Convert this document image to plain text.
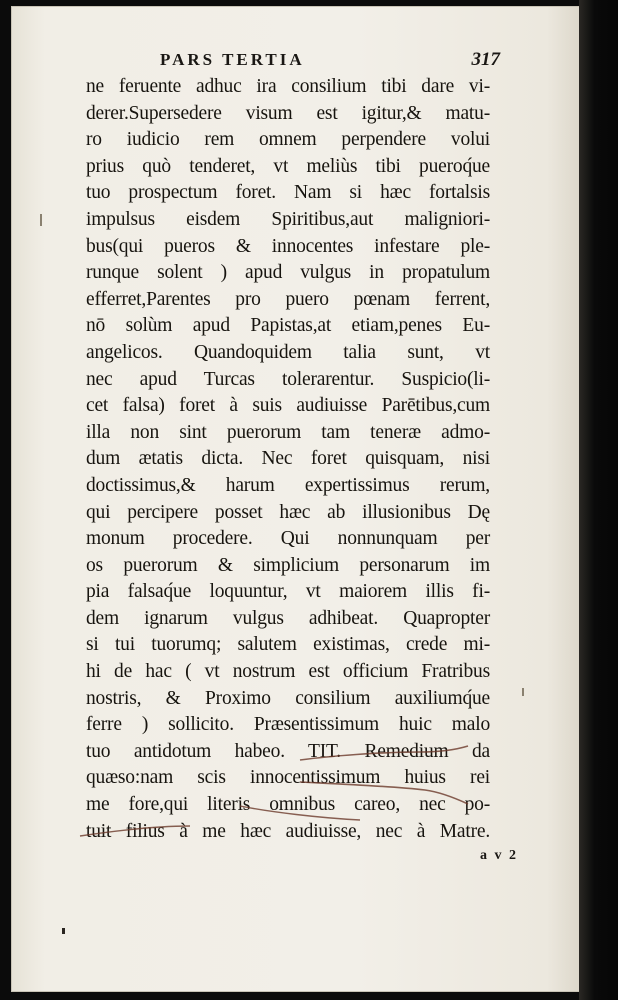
PARS TERTIA	317
ne feruente adhuc ira consilium tibi dare vi-
derer.Supersedere visum est igitur,& matu-
ro iudicio rem omnem perpendere volui
prius quò tenderet, vt meliùs tibi pueroq́ue
tuo prospectum foret. Nam si hæc fortalsis
impulsus eisdem Spiritibus,aut maligniori-
bus(qui pueros & innocentes infestare ple-
runque solent ) apud vulgus in propatulum
efferret,Parentes pro puero pœnam ferrent,
nō solùm apud Papistas,at etiam,penes Eu-
angelicos. Quandoquidem talia sunt, vt
nec apud Turcas tolerarentur. Suspicio(li-
cet falsa) foret à suis audiuisse Parētibus,cum
illa non sint puerorum tam teneræ admo-
dum ætatis dicta. Nec foret quisquam, nisi
doctissimus,& harum expertissimus rerum,
qui percipere posset hæc ab illusionibus Dę
monum procedere. Qui nonnunquam per
os puerorum & simplicium personarum im
pia falsaq́ue loquuntur, vt maiorem illis fi-
dem ignarum vulgus adhibeat. Quapropter
si tui tuorumq; salutem existimas, crede mi-
hi de hac ( vt nostrum est officium Fratribus
nostris, & Proximo consilium auxiliumq́ue
ferre ) sollicito. Præsentissimum huic malo
tuo antidotum habeo. TIT. Remedium da
quæso:nam scis innocentissimum huius rei
me fore,qui literis omnibus careo, nec po-
tuit filius à me hæc audiuisse, nec à Matre.
a v 2
